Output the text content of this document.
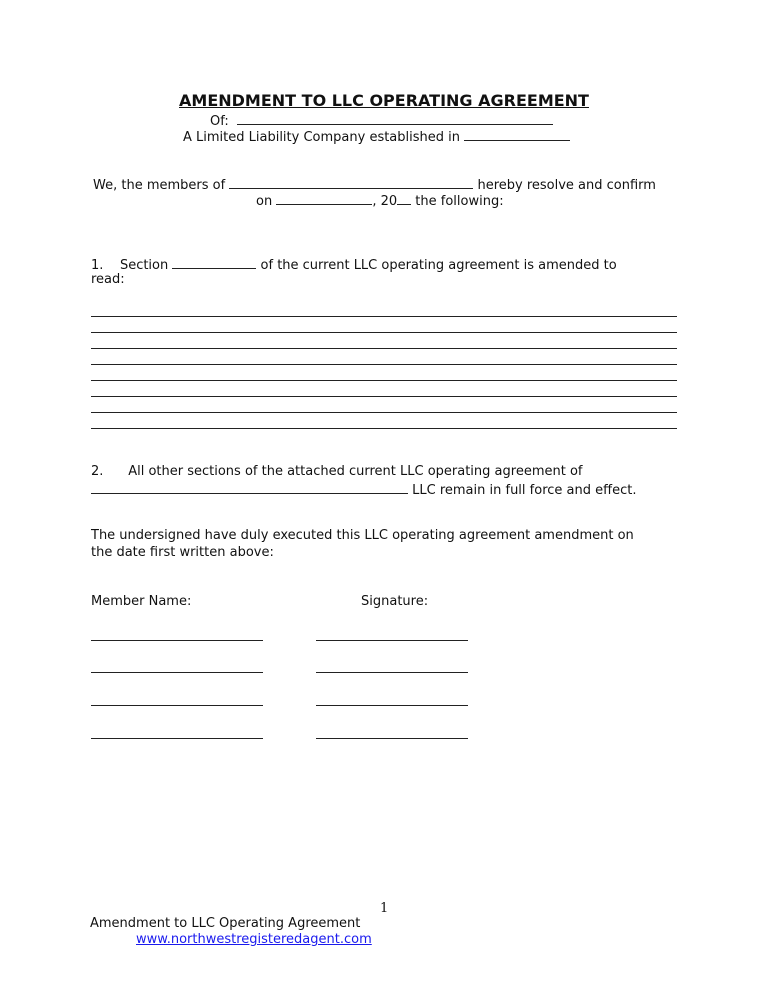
AMENDMENT TO LLC OPERATING AGREEMENT
Of:
A Limited Liability Company established in
We, the members of	hereby resolve and confirm
on	, 20 the following:
1. Section	of the current LLC operating agreement is amended to
read:
2. All other sections of the attached current LLC operating agreement of
LLC remain in full force and effect.
The undersigned have duly executed this LLC operating agreement amendment on
the date first written above:
Member Name:	Signature:
1
Amendment to LLC Operating Agreement
www.northwestregisteredagent.com
